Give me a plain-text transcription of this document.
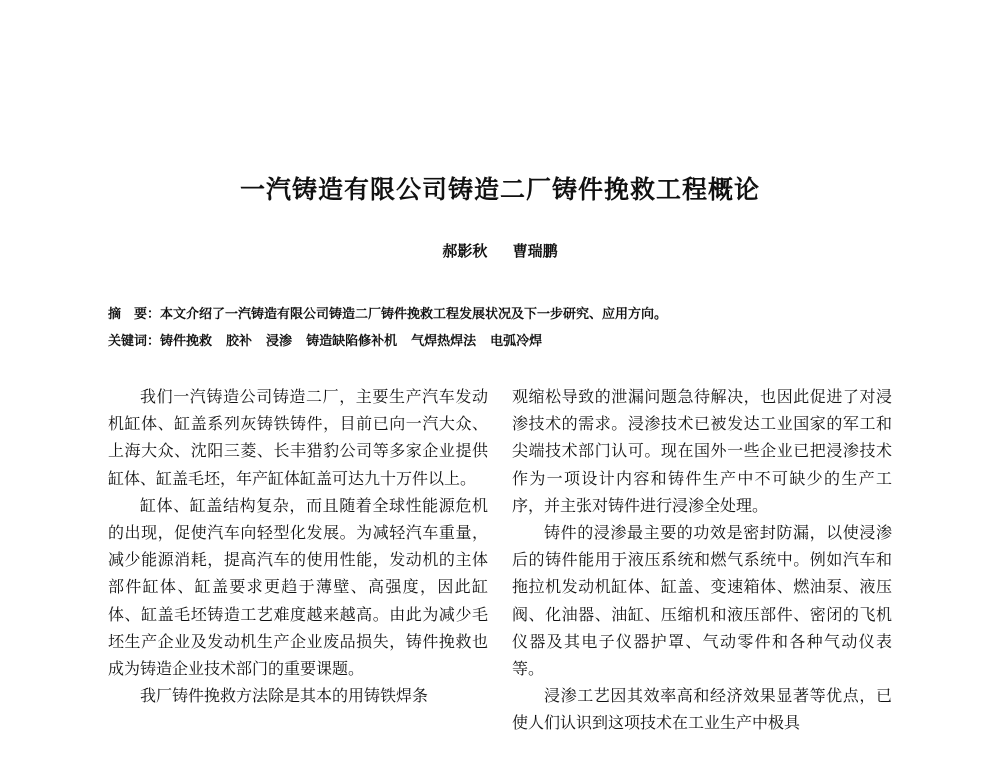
一汽铸造有限公司铸造二厂铸件挽救工程概论
郝影秋 曹瑞鹏
摘　要：本文介绍了一汽铸造有限公司铸造二厂铸件挽救工程发展状况及下一步研究、应用方向。
关键词：铸件挽救 胶补 浸渗 铸造缺陷修补机 气焊热焊法 电弧冷焊

我们一汽铸造公司铸造二厂，主要生产汽车发动机缸体、缸盖系列灰铸铁铸件，目前已向一汽大众、上海大众、沈阳三菱、长丰猎豹公司等多家企业提供缸体、缸盖毛坯，年产缸体缸盖可达九十万件以上。

缸体、缸盖结构复杂，而且随着全球性能源危机的出现，促使汽车向轻型化发展。为减轻汽车重量，减少能源消耗，提高汽车的使用性能，发动机的主体部件缸体、缸盖要求更趋于薄壁、高强度，因此缸体、缸盖毛坯铸造工艺难度越来越高。由此为减少毛坯生产企业及发动机生产企业废品损失，铸件挽救也成为铸造企业技术部门的重要课题。

我厂铸件挽救方法除是其本的用铸铁焊条

观缩松导致的泄漏问题急待解决，也因此促进了对浸渗技术的需求。浸渗技术已被发达工业国家的军工和尖端技术部门认可。现在国外一些企业已把浸渗技术作为一项设计内容和铸件生产中不可缺少的生产工序，并主张对铸件进行浸渗全处理。

铸件的浸渗最主要的功效是密封防漏，以使浸渗后的铸件能用于液压系统和燃气系统中。例如汽车和拖拉机发动机缸体、缸盖、变速箱体、燃油泵、液压阀、化油器、油缸、压缩机和液压部件、密闭的飞机仪器及其电子仪器护罩、气动零件和各种气动仪表等。

浸渗工艺因其效率高和经济效果显著等优点，已使人们认识到这项技术在工业生产中极具
